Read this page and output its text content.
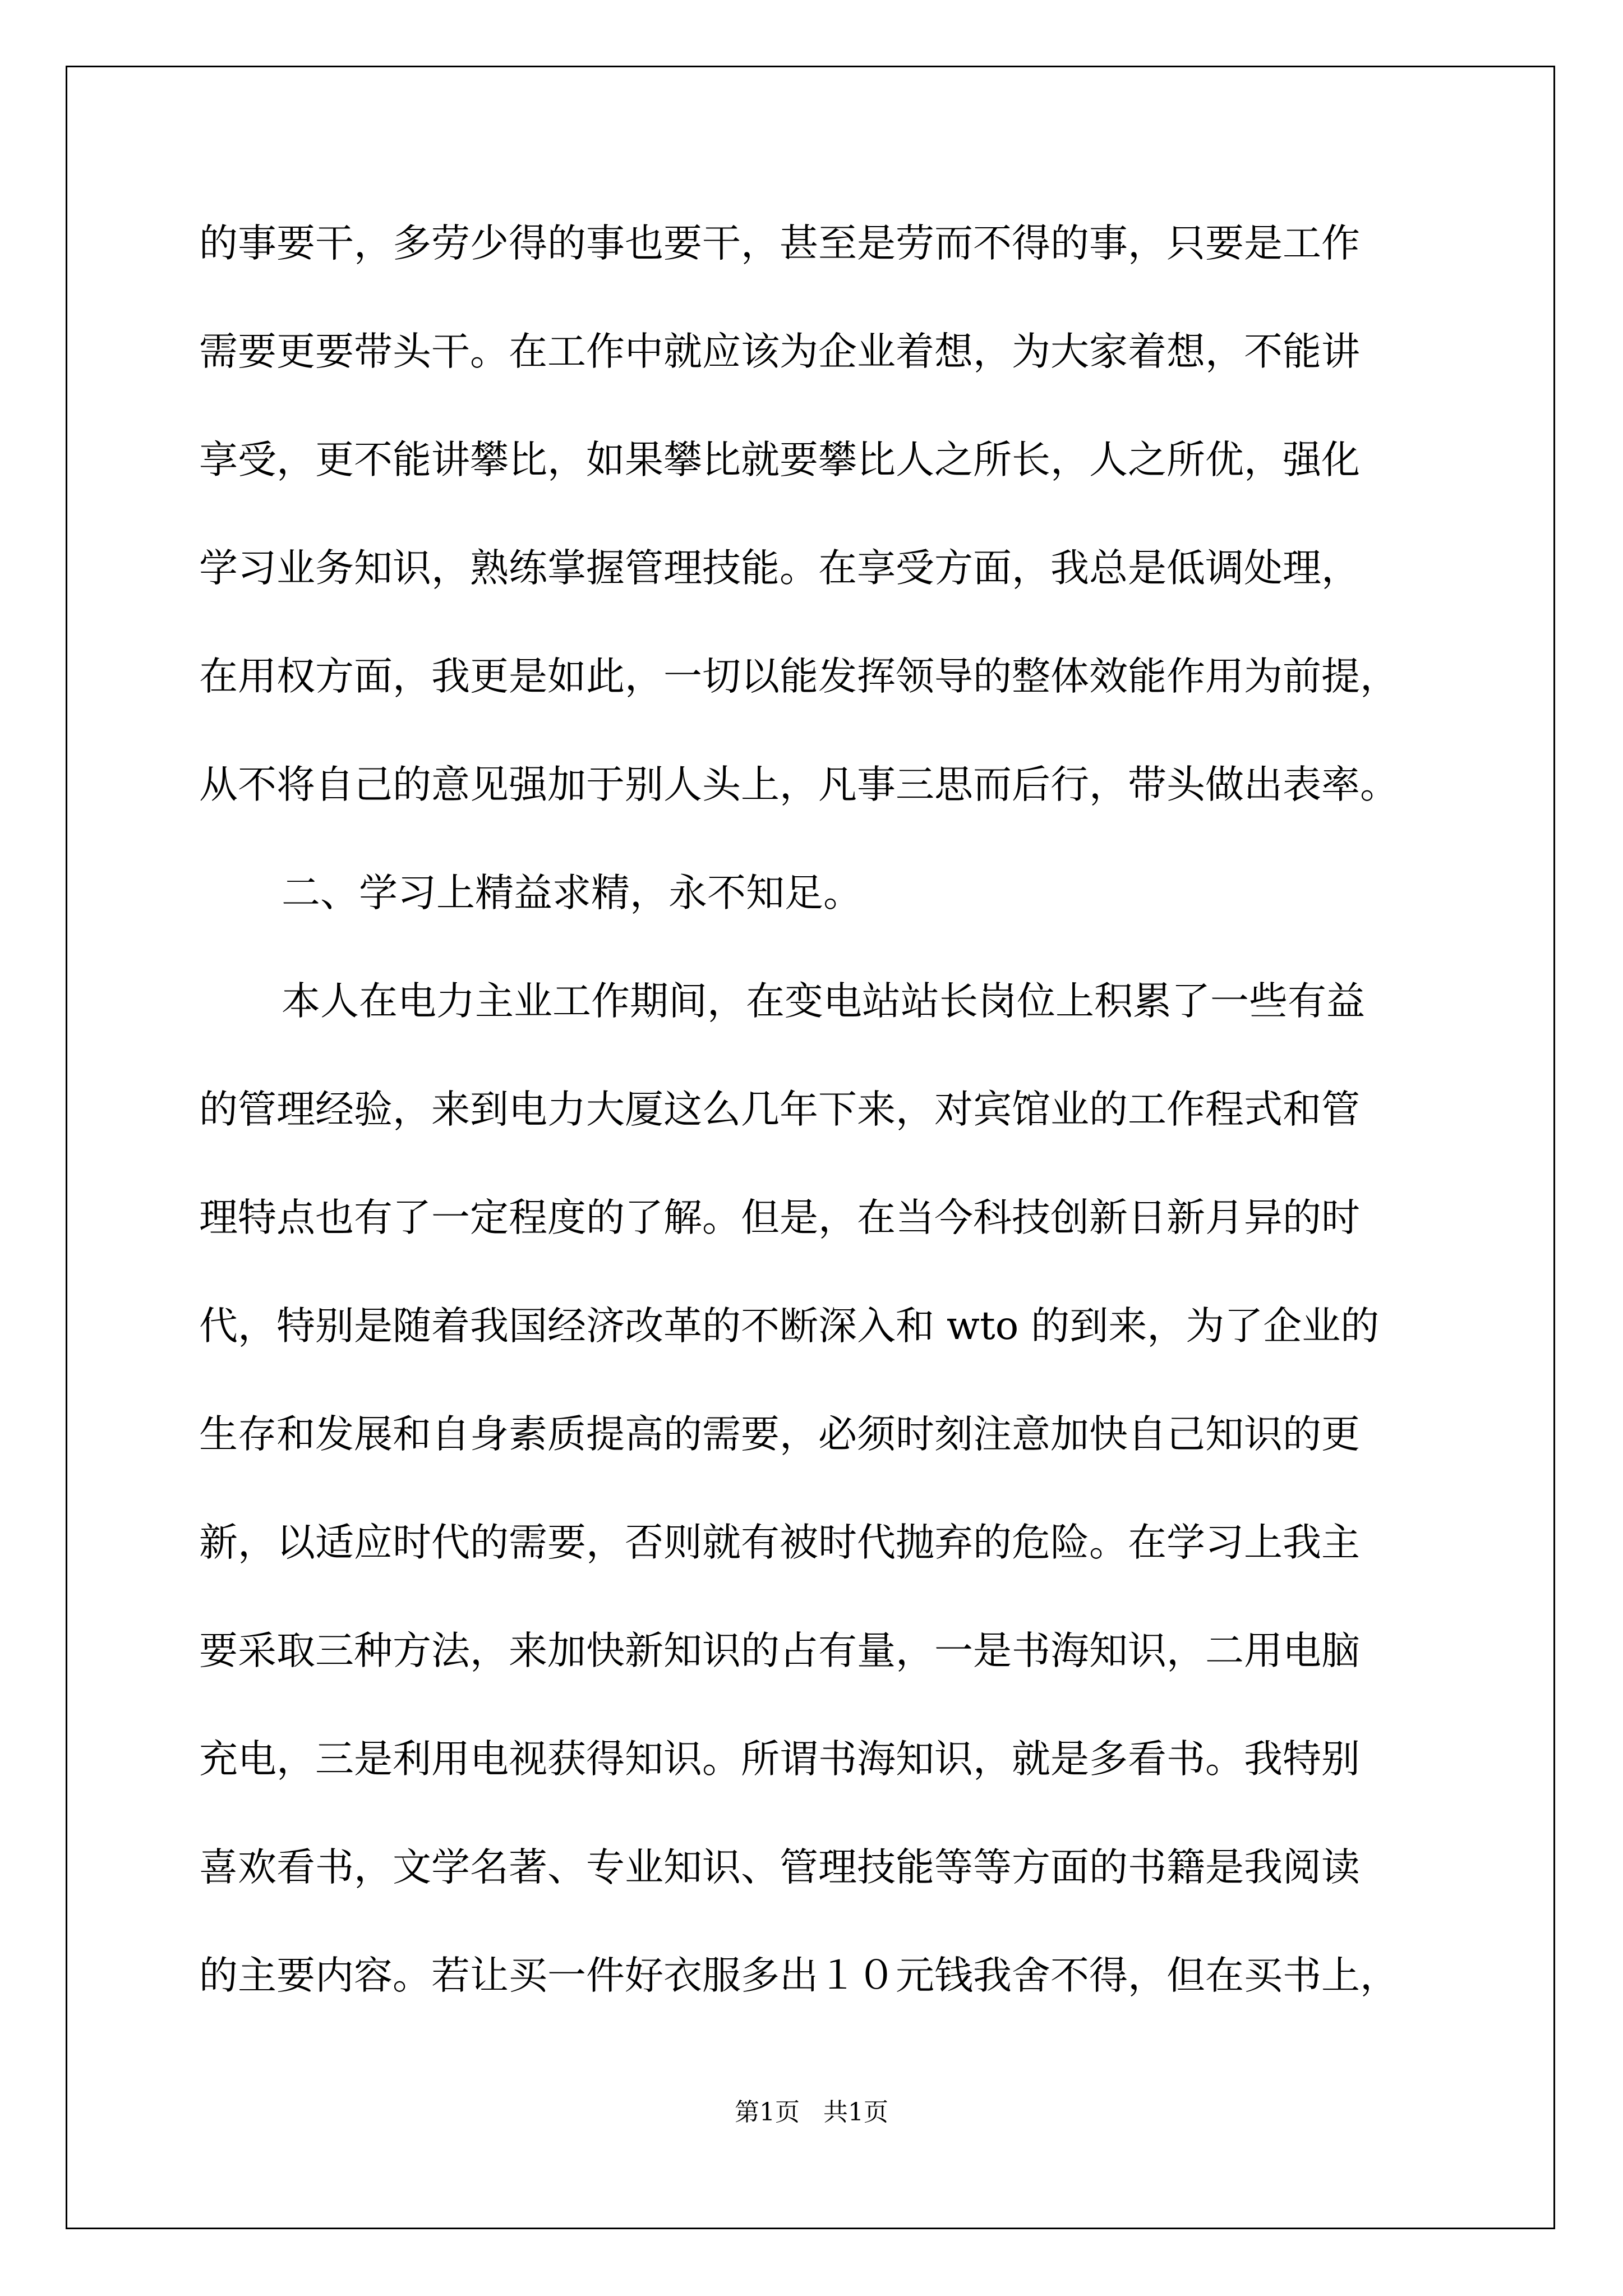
的事要干，多劳少得的事也要干，甚至是劳而不得的事，只要是工作
需要更要带头干。在工作中就应该为企业着想，为大家着想，不能讲
享受，更不能讲攀比，如果攀比就要攀比人之所长，人之所优，强化
学习业务知识，熟练掌握管理技能。在享受方面，我总是低调处理，
在用权方面，我更是如此，一切以能发挥领导的整体效能作用为前提，
从不将自己的意见强加于别人头上，凡事三思而后行，带头做出表率。
二、学习上精益求精，永不知足。
本人在电力主业工作期间，在变电站站长岗位上积累了一些有益
的管理经验，来到电力大厦这么几年下来，对宾馆业的工作程式和管
理特点也有了一定程度的了解。但是，在当今科技创新日新月异的时
代，特别是随着我国经济改革的不断深入和 wto 的到来，为了企业的
生存和发展和自身素质提高的需要，必须时刻注意加快自己知识的更
新，以适应时代的需要，否则就有被时代抛弃的危险。在学习上我主
要采取三种方法，来加快新知识的占有量，一是书海知识，二用电脑
充电，三是利用电视获得知识。所谓书海知识，就是多看书。我特别
喜欢看书，文学名著、专业知识、管理技能等等方面的书籍是我阅读
的主要内容。若让买一件好衣服多出１０元钱我舍不得，但在买书上，
第1页   共1页
